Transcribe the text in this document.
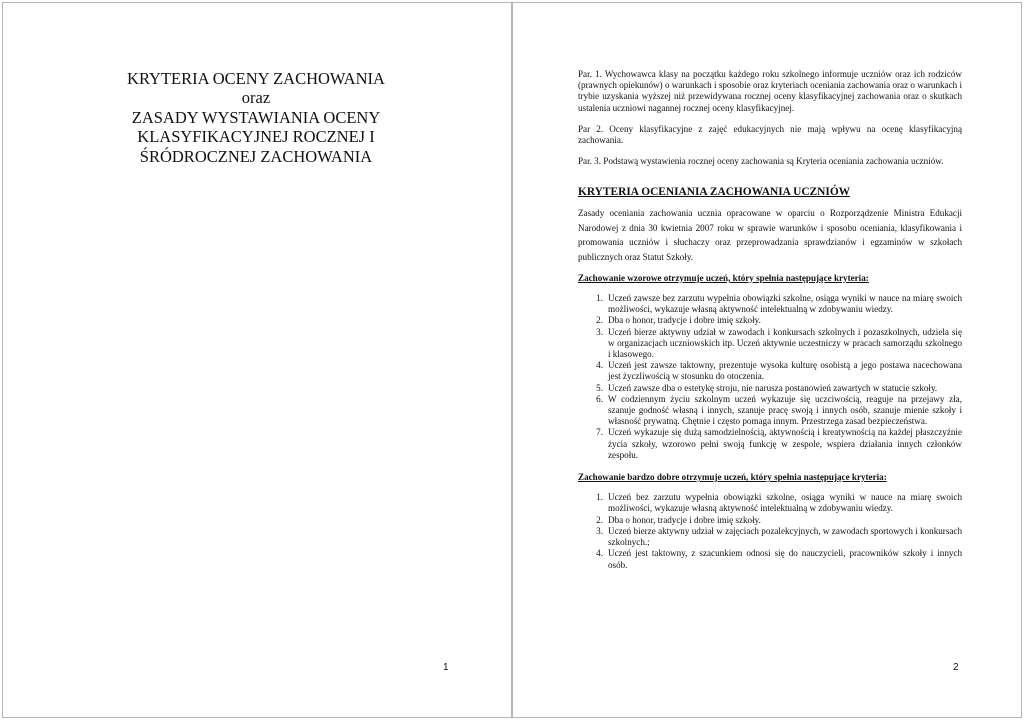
KRYTERIA OCENY ZACHOWANIA
oraz
ZASADY WYSTAWIANIA OCENY
KLASYFIKACYJNEJ ROCZNEJ I
ŚRÓDROCZNEJ ZACHOWANIA
1

Par. 1. Wychowawca klasy na początku każdego roku szkolnego informuje uczniów oraz ich rodziców (prawnych opiekunów) o warunkach i sposobie oraz kryteriach oceniania zachowania oraz o warunkach i trybie uzyskania wyższej niż przewidywana rocznej oceny klasyfikacyjnej zachowania oraz o skutkach ustalenia uczniowi nagannej rocznej oceny klasyfikacyjnej.

Par 2. Oceny klasyfikacyjne z zajęć edukacyjnych nie mają wpływu na ocenę klasyfikacyjną zachowania.

Par. 3. Podstawą wystawienia rocznej oceny zachowania są Kryteria oceniania zachowania uczniów.

KRYTERIA OCENIANIA ZACHOWANIA UCZNIÓW

Zasady oceniania zachowania ucznia opracowane w oparciu o Rozporządzenie Ministra Edukacji Narodowej z dnia 30 kwietnia 2007 roku w sprawie warunków i sposobu oceniania, klasyfikowania i promowania uczniów i słuchaczy oraz przeprowadzania sprawdzianów i egzaminów w szkołach publicznych oraz Statut Szkoły.

Zachowanie wzorowe otrzymuje uczeń, który spełnia następujące kryteria:
1. Uczeń zawsze bez zarzutu wypełnia obowiązki szkolne, osiąga wyniki w nauce na miarę swoich możliwości, wykazuje własną aktywność intelektualną w zdobywaniu wiedzy.
2. Dba o honor, tradycje i dobre imię szkoły.
3. Uczeń bierze aktywny udział w zawodach i konkursach szkolnych i pozaszkolnych, udziela się w organizacjach uczniowskich itp. Uczeń aktywnie uczestniczy w pracach samorządu szkolnego i klasowego.
4. Uczeń jest zawsze taktowny, prezentuje wysoka kulturę osobistą a jego postawa nacechowana jest życzliwością w stosunku do otoczenia.
5. Uczeń zawsze dba o estetykę stroju, nie narusza postanowień zawartych w statucie szkoły.
6. W codziennym życiu szkolnym uczeń wykazuje się uczciwością, reaguje na przejawy zła, szanuje godność własną i innych, szanuje pracę swoją i innych osób, szanuje mienie szkoły i własność prywatną. Chętnie i często pomaga innym. Przestrzega zasad bezpieczeństwa.
7. Uczeń wykazuje się dużą samodzielnością, aktywnością i kreatywnością na każdej płaszczyźnie życia szkoły, wzorowo pełni swoją funkcję w zespole, wspiera działania innych członków zespołu.
Zachowanie bardzo dobre otrzymuje uczeń, który spełnia następujące kryteria:
1. Uczeń bez zarzutu wypełnia obowiązki szkolne, osiąga wyniki w nauce na miarę swoich możliwości, wykazuje własną aktywność intelektualną w zdobywaniu wiedzy.
2. Dba o honor, tradycje i dobre imię szkoły.
3. Uczeń bierze aktywny udział w zajęciach pozalekcyjnych, w zawodach sportowych i konkursach szkolnych.;
4. Uczeń jest taktowny, z szacunkiem odnosi się do nauczycieli, pracowników szkoły i innych osób.
2
